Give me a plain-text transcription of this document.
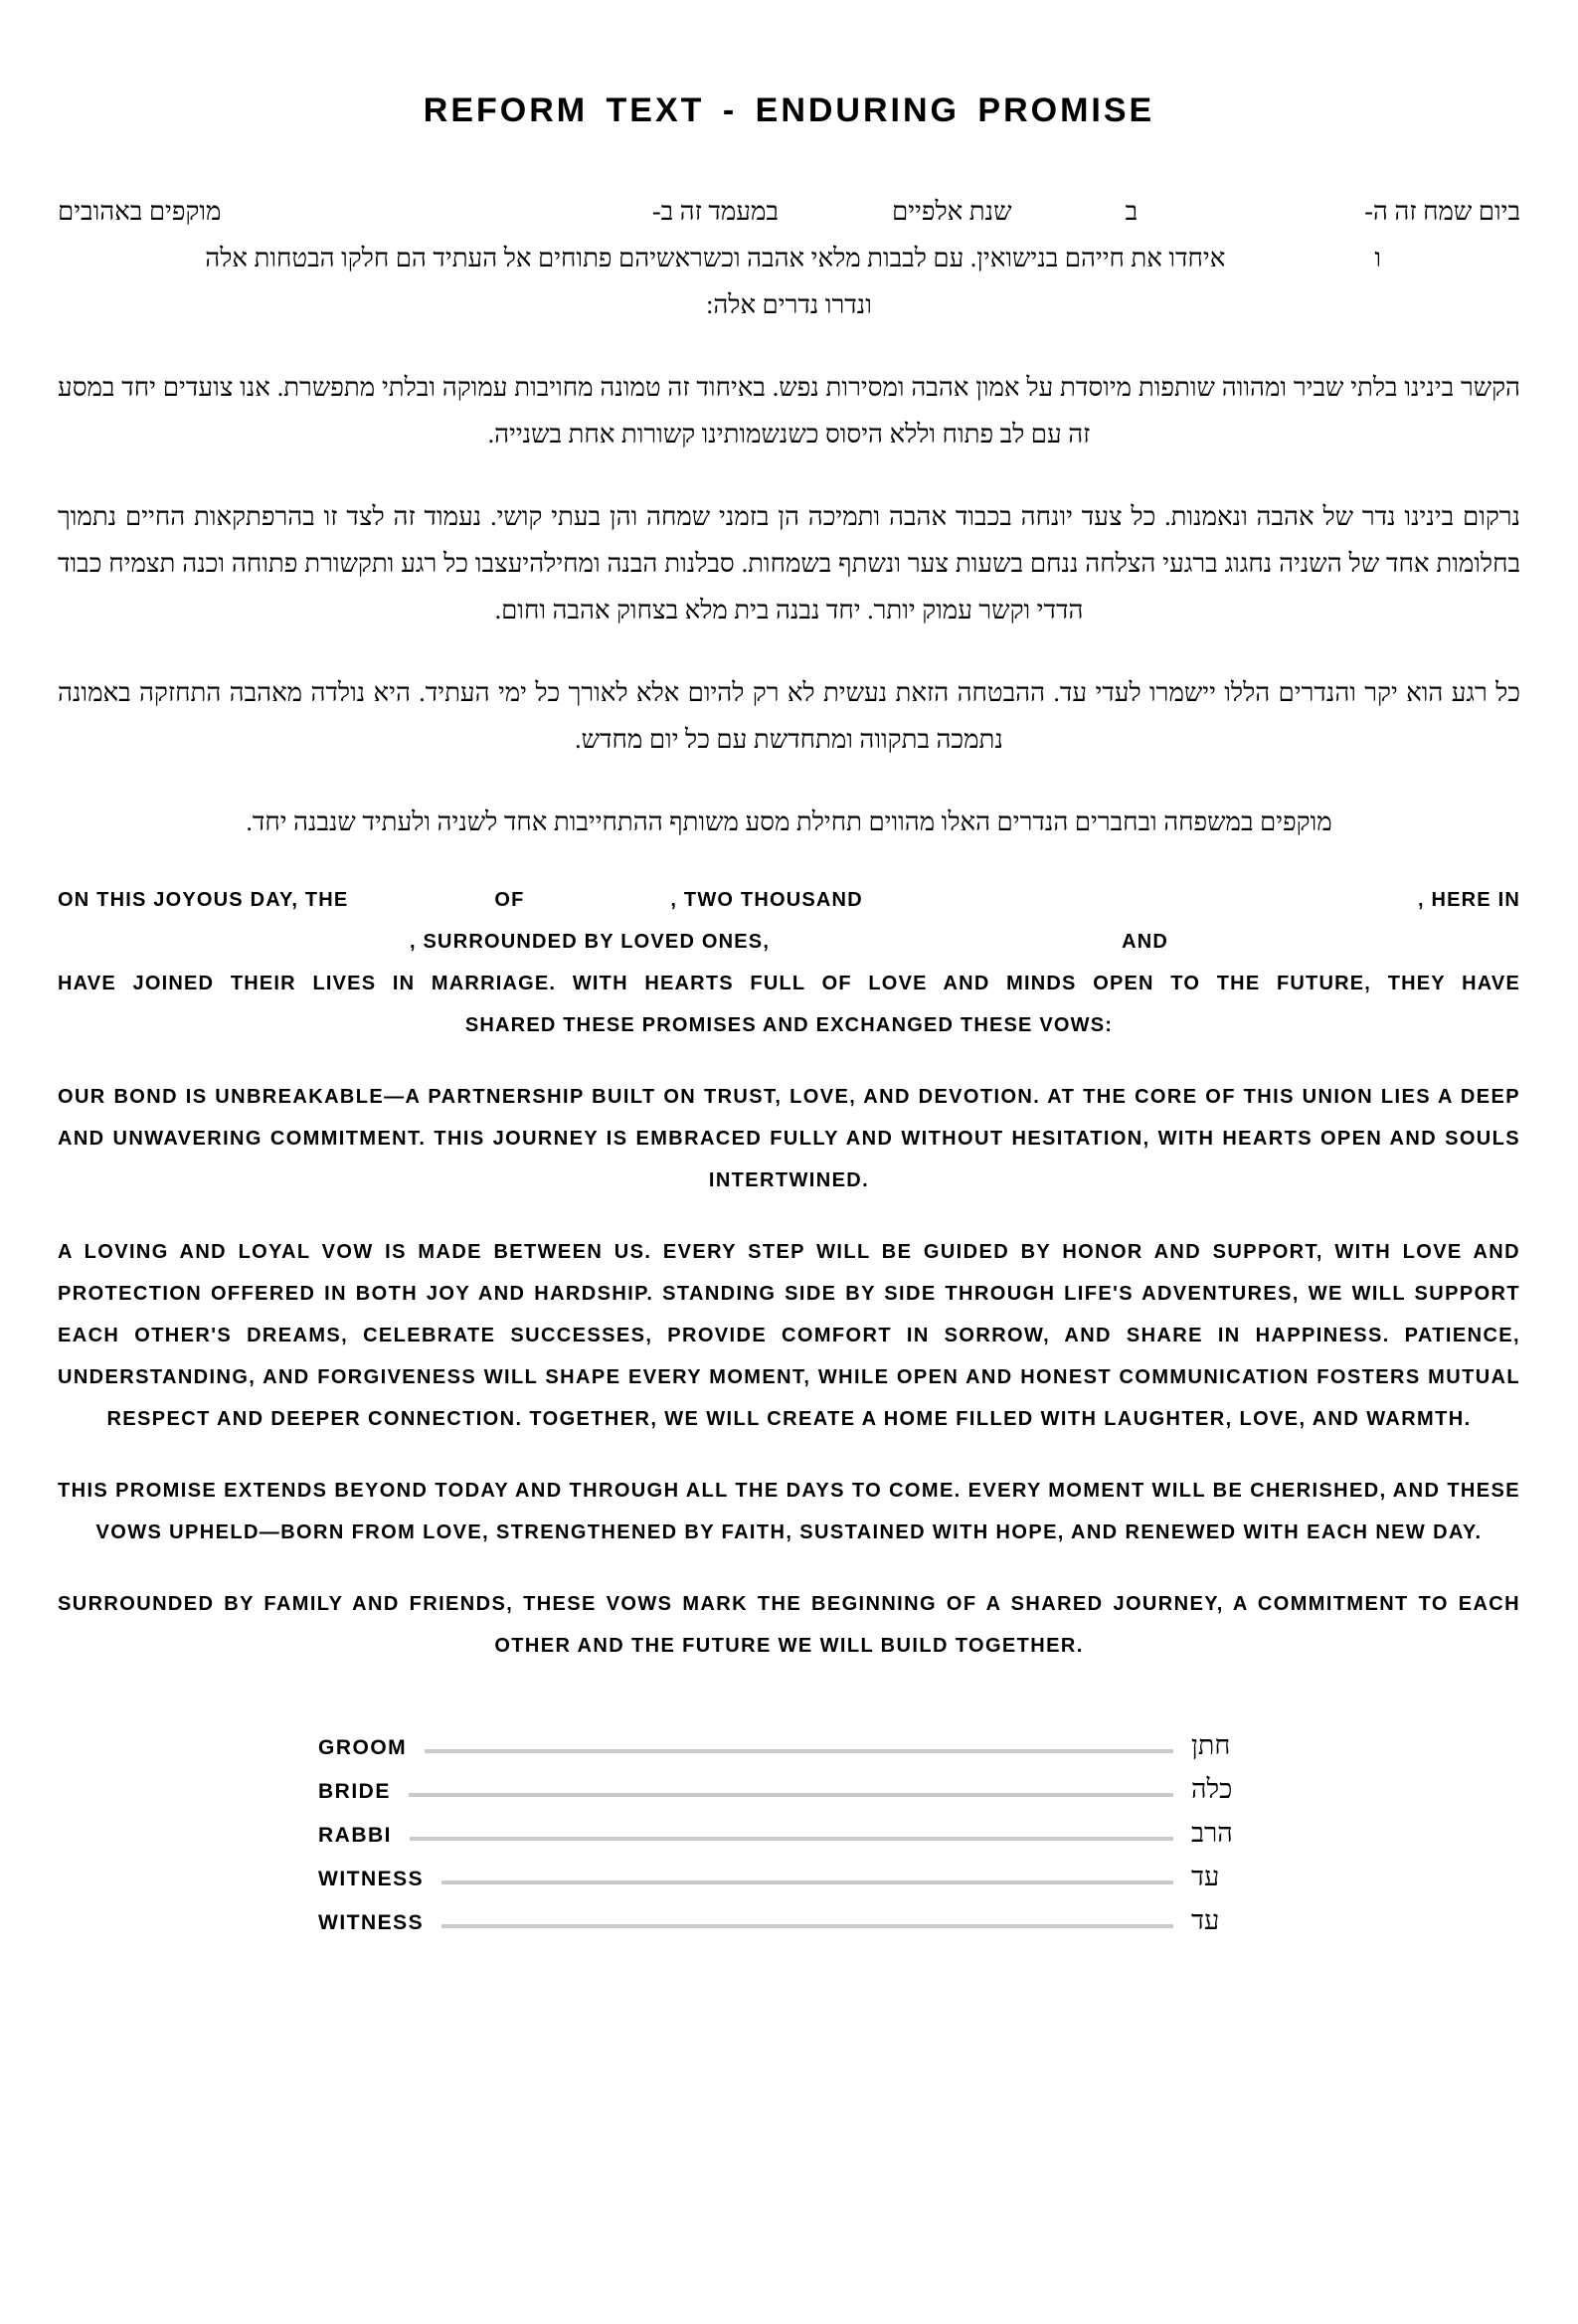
REFORM TEXT - ENDURING PROMISE
ביום שמח זה ה-
ב
שנת אלפיים
במעמד זה ב-
מוקפים באהובים
ו
איחדו את חייהם בנישואין. עם לבבות מלאי אהבה וכשראשיהם פתוחים אל העתיד הם חלקו הבטחות אלה
ונדרו נדרים אלה:

הקשר בינינו בלתי שביר ומהווה שותפות מיוסדת על אמון אהבה ומסירות נפש. באיחוד זה טמונה מחויבות עמוקה ובלתי מתפשרת. אנו צועדים יחד במסע זה עם לב פתוח וללא היסוס כשנשמותינו קשורות אחת בשנייה.

נרקום בינינו נדר של אהבה ונאמנות. כל צעד יונחה בכבוד אהבה ותמיכה הן בזמני שמחה והן בעתי קושי. נעמוד זה לצד זו בהרפתקאות החיים נתמוך בחלומות אחד של השניה נחגוג ברגעי הצלחה ננחם בשעות צער ונשתף בשמחות. סבלנות הבנה ומחילהיעצבו כל רגע ותקשורת פתוחה וכנה תצמיח כבוד הדדי וקשר עמוק יותר. יחד נבנה בית מלא בצחוק אהבה וחום.

כל רגע הוא יקר והנדרים הללו יישמרו לעדי עד. ההבטחה הזאת נעשית לא רק להיום אלא לאורך כל ימי העתיד. היא נולדה מאהבה התחזקה באמונה נתמכה בתקווה ומתחדשת עם כל יום מחדש.

מוקפים במשפחה ובחברים הנדרים האלו מהווים תחילת מסע משותף ההתחייבות אחד לשניה ולעתיד שנבנה יחד.

ON THIS JOYOUS DAY, THE	OF	, TWO THOUSAND	, HERE IN
, SURROUNDED BY LOVED ONES,	AND
HAVE JOINED THEIR LIVES IN MARRIAGE. WITH HEARTS FULL OF LOVE AND MINDS OPEN TO THE FUTURE, THEY HAVE
SHARED THESE PROMISES AND EXCHANGED THESE VOWS:

OUR BOND IS UNBREAKABLE—A PARTNERSHIP BUILT ON TRUST, LOVE, AND DEVOTION. AT THE CORE OF THIS UNION LIES A DEEP AND UNWAVERING COMMITMENT. THIS JOURNEY IS EMBRACED FULLY AND WITHOUT HESITATION, WITH HEARTS OPEN AND SOULS INTERTWINED.

A LOVING AND LOYAL VOW IS MADE BETWEEN US. EVERY STEP WILL BE GUIDED BY HONOR AND SUPPORT, WITH LOVE AND PROTECTION OFFERED IN BOTH JOY AND HARDSHIP. STANDING SIDE BY SIDE THROUGH LIFE'S ADVENTURES, WE WILL SUPPORT EACH OTHER'S DREAMS, CELEBRATE SUCCESSES, PROVIDE COMFORT IN SORROW, AND SHARE IN HAPPINESS. PATIENCE, UNDERSTANDING, AND FORGIVENESS WILL SHAPE EVERY MOMENT, WHILE OPEN AND HONEST COMMUNICATION FOSTERS MUTUAL RESPECT AND DEEPER CONNECTION. TOGETHER, WE WILL CREATE A HOME FILLED WITH LAUGHTER, LOVE, AND WARMTH.

THIS PROMISE EXTENDS BEYOND TODAY AND THROUGH ALL THE DAYS TO COME. EVERY MOMENT WILL BE CHERISHED, AND THESE VOWS UPHELD—BORN FROM LOVE, STRENGTHENED BY FAITH, SUSTAINED WITH HOPE, AND RENEWED WITH EACH NEW DAY.

SURROUNDED BY FAMILY AND FRIENDS, THESE VOWS MARK THE BEGINNING OF A SHARED JOURNEY, A COMMITMENT TO EACH OTHER AND THE FUTURE WE WILL BUILD TOGETHER.

GROOM	חתן
BRIDE	כלה
RABBI	הרב
WITNESS	עד
WITNESS	עד
